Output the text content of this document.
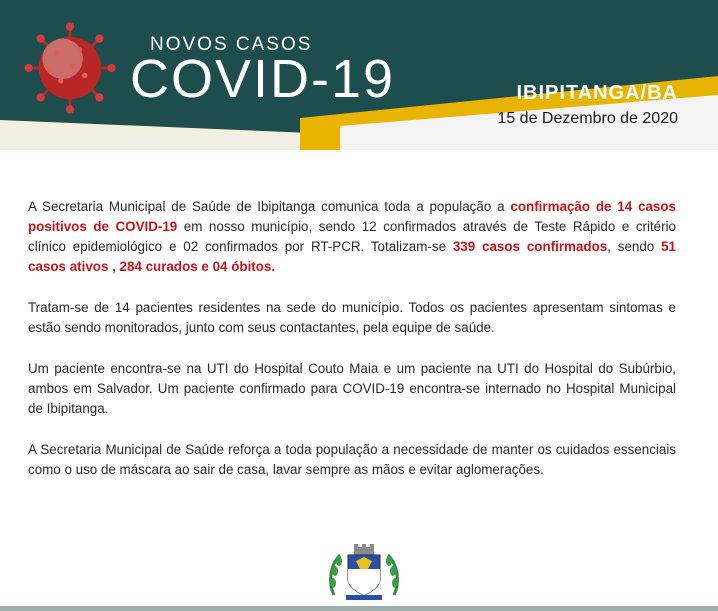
NOVOS CASOS
COVID-19	IBIPITANGA/BA
15 de Dezembro de 2020

A Secretaria Municipal de Saúde de Ibipitanga comunica toda a população a confirmação de 14 casos positivos de COVID-19 em nosso município, sendo 12 confirmados através de Teste Rápido e critério clínico epidemiológico e 02 confirmados por RT-PCR. Totalizam-se 339 casos confirmados, sendo 51 casos ativos , 284 curados e 04 óbitos.

Tratam-se de 14 pacientes residentes na sede do município. Todos os pacientes apresentam sintomas e estão sendo monitorados, junto com seus contactantes, pela equipe de saúde.

Um paciente encontra-se na UTI do Hospital Couto Maia e um paciente na UTI do Hospital do Subúrbio, ambos em Salvador. Um paciente confirmado para COVID-19 encontra-se internado no Hospital Municipal de Ibipitanga.

A Secretaria Municipal de Saúde reforça a toda população a necessidade de manter os cuidados essenciais como o uso de máscara ao sair de casa, lavar sempre as mãos e evitar aglomerações.
